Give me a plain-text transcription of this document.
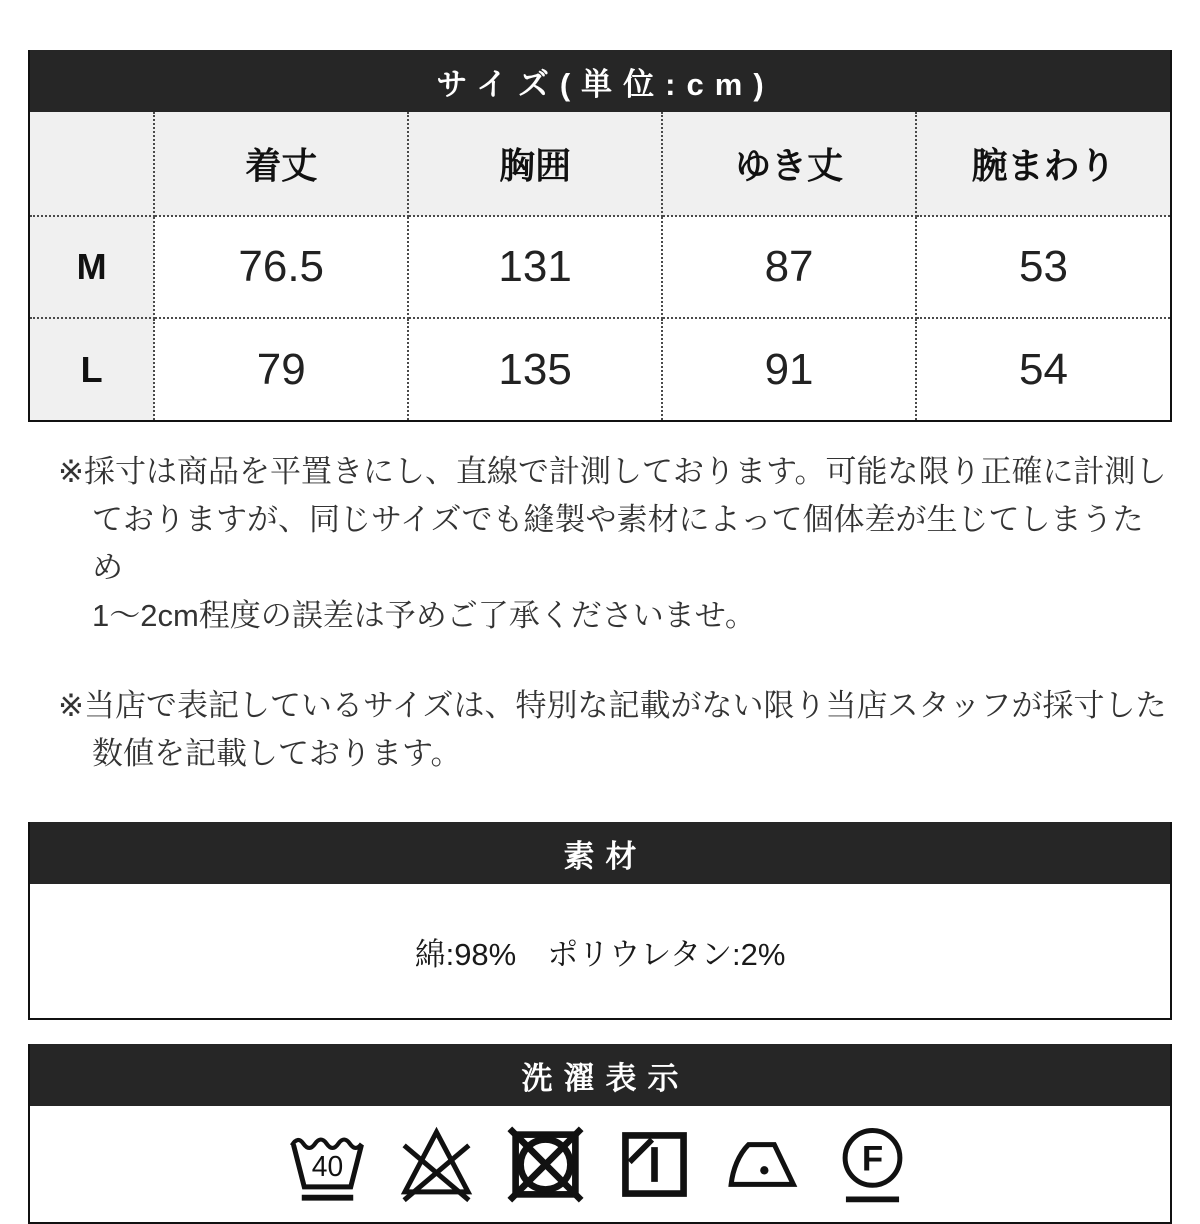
サイズ(単位:cm)
	着丈	胸囲	ゆき丈	腕まわり
M	76.5	131	87	53
L	79	135	91	54
※採寸は商品を平置きにし、直線で計測しております。可能な限り正確に計測し
ておりますが、同じサイズでも縫製や素材によって個体差が生じてしまうため
1〜2cm程度の誤差は予めご了承くださいませ。
※当店で表記しているサイズは、特別な記載がない限り当店スタッフが採寸した
数値を記載しております。
素材
綿:98%　ポリウレタン:2%
洗濯表示
40	F
